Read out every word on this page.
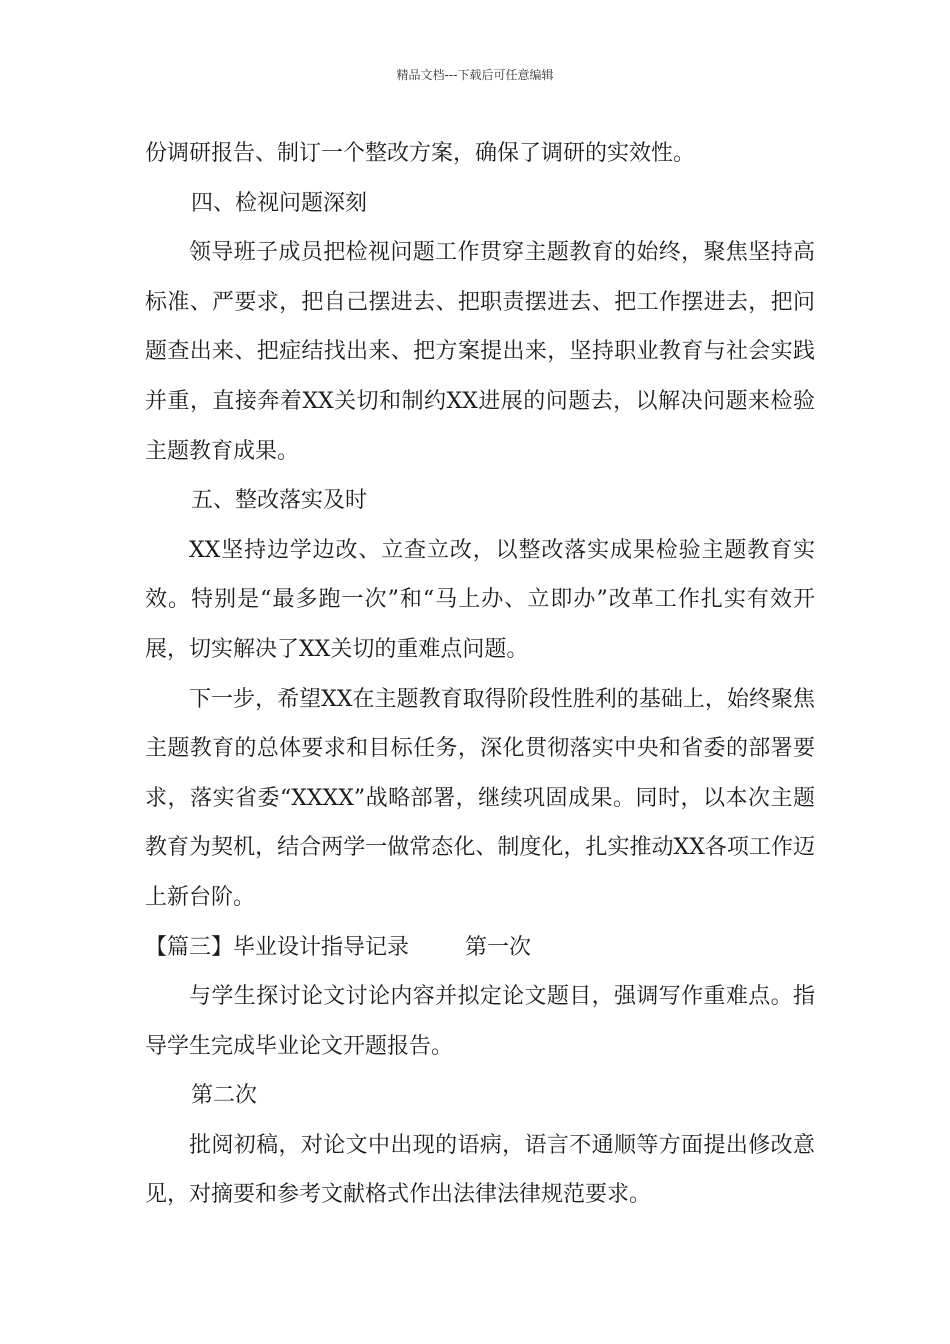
精品文档---下载后可任意编辑

份调研报告、制订一个整改方案，确保了调研的实效性。

四、检视问题深刻

领导班子成员把检视问题工作贯穿主题教育的始终，聚焦坚持高标准、严要求，把自己摆进去、把职责摆进去、把工作摆进去，把问题查出来、把症结找出来、把方案提出来，坚持职业教育与社会实践并重，直接奔着XX关切和制约XX进展的问题去，以解决问题来检验主题教育成果。

五、整改落实及时

XX坚持边学边改、立查立改，以整改落实成果检验主题教育实效。特别是“最多跑一次”和“马上办、立即办”改革工作扎实有效开展，切实解决了XX关切的重难点问题。

下一步，希望XX在主题教育取得阶段性胜利的基础上，始终聚焦主题教育的总体要求和目标任务，深化贯彻落实中央和省委的部署要求，落实省委“XXXX”战略部署，继续巩固成果。同时，以本次主题教育为契机，结合两学一做常态化、制度化，扎实推动XX各项工作迈上新台阶。

【篇三】毕业设计指导记录	第一次

与学生探讨论文讨论内容并拟定论文题目，强调写作重难点。指导学生完成毕业论文开题报告。

第二次

批阅初稿，对论文中出现的语病，语言不通顺等方面提出修改意见，对摘要和参考文献格式作出法律法律规范要求。
